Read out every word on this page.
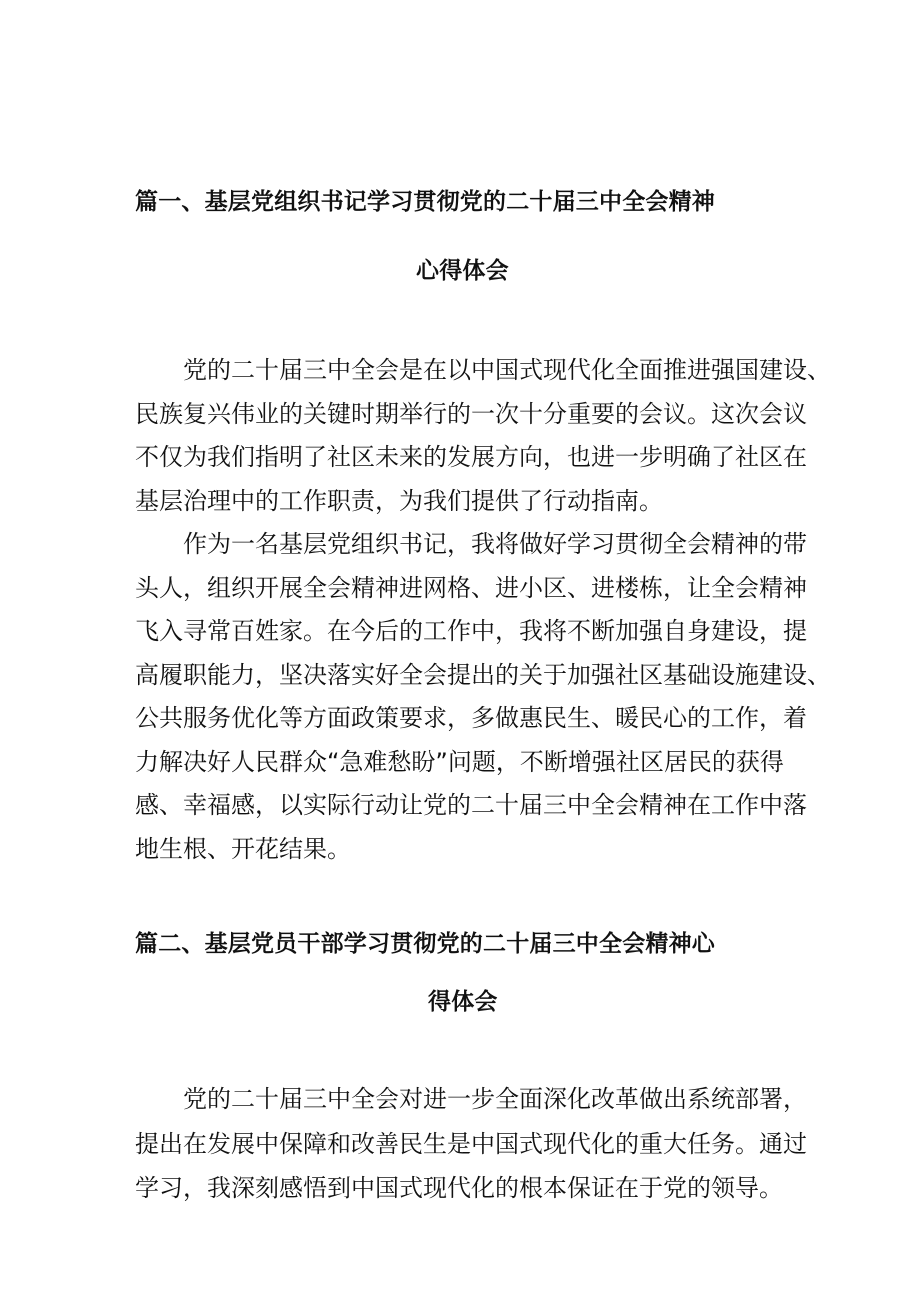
篇一、基层党组织书记学习贯彻党的二十届三中全会精神

心得体会

党的二十届三中全会是在以中国式现代化全面推进强国建设、

民族复兴伟业的关键时期举行的一次十分重要的会议。这次会议

不仅为我们指明了社区未来的发展方向，也进一步明确了社区在

基层治理中的工作职责，为我们提供了行动指南。

作为一名基层党组织书记，我将做好学习贯彻全会精神的带

头人，组织开展全会精神进网格、进小区、进楼栋，让全会精神

飞入寻常百姓家。在今后的工作中，我将不断加强自身建设，提

高履职能力，坚决落实好全会提出的关于加强社区基础设施建设、

公共服务优化等方面政策要求，多做惠民生、暖民心的工作，着

力解决好人民群众“急难愁盼”问题，不断增强社区居民的获得

感、幸福感，以实际行动让党的二十届三中全会精神在工作中落

地生根、开花结果。

篇二、基层党员干部学习贯彻党的二十届三中全会精神心

得体会

党的二十届三中全会对进一步全面深化改革做出系统部署，

提出在发展中保障和改善民生是中国式现代化的重大任务。通过

学习，我深刻感悟到中国式现代化的根本保证在于党的领导。
